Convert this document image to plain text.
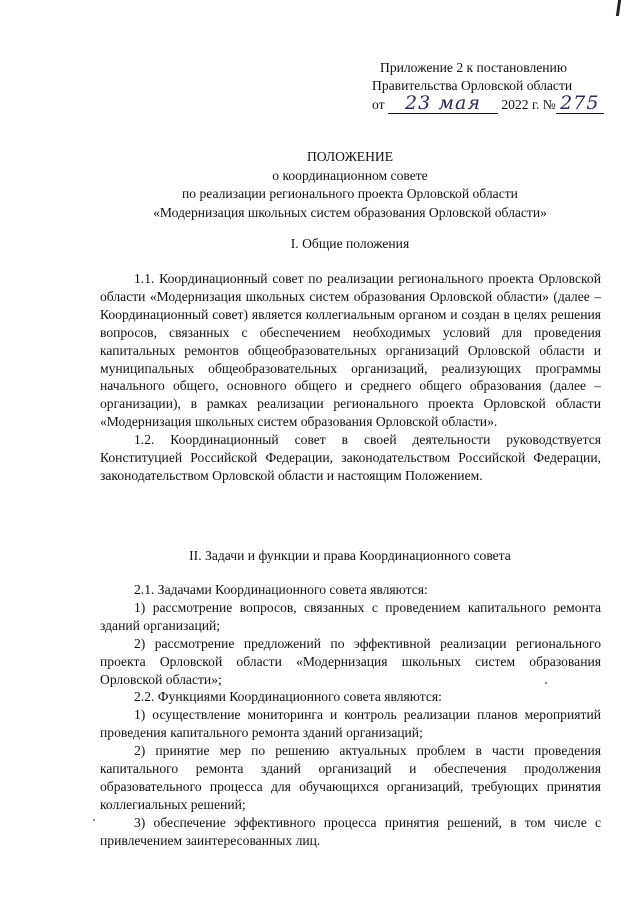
Приложение 2 к постановлению
Правительства Орловской области
от 23 мая 2022 г. № 275
ПОЛОЖЕНИЕ
о координационном совете
по реализации регионального проекта Орловской области
«Модернизация школьных систем образования Орловской области»
I. Общие положения

1.1. Координационный совет по реализации регионального проекта Орловской области «Модернизация школьных систем образования Орловской области» (далее – Координационный совет) является коллегиальным органом и создан в целях решения вопросов, связанных с обеспечением необходимых условий для проведения капитальных ремонтов общеобразовательных организаций Орловской области и муниципальных общеобразовательных организаций, реализующих программы начального общего, основного общего и среднего общего образования (далее – организации), в рамках реализации регионального проекта Орловской области «Модернизация школьных систем образования Орловской области».

1.2. Координационный совет в своей деятельности руководствуется Конституцией Российской Федерации, законодательством Российской Федерации, законодательством Орловской области и настоящим Положением.

II. Задачи и функции и права Координационного совета

2.1. Задачами Координационного совета являются:

1) рассмотрение вопросов, связанных с проведением капитального ремонта зданий организаций;

2) рассмотрение предложений по эффективной реализации регионального проекта Орловской области «Модернизация школьных систем образования Орловской области»;

2.2. Функциями Координационного совета являются:

1) осуществление мониторинга и контроль реализации планов мероприятий проведения капитального ремонта зданий организаций;

2) принятие мер по решению актуальных проблем в части проведения капитального ремонта зданий организаций и обеспечения продолжения образовательного процесса для обучающихся организаций, требующих принятия коллегиальных решений;

3) обеспечение эффективного процесса принятия решений, в том числе с привлечением заинтересованных лиц.
